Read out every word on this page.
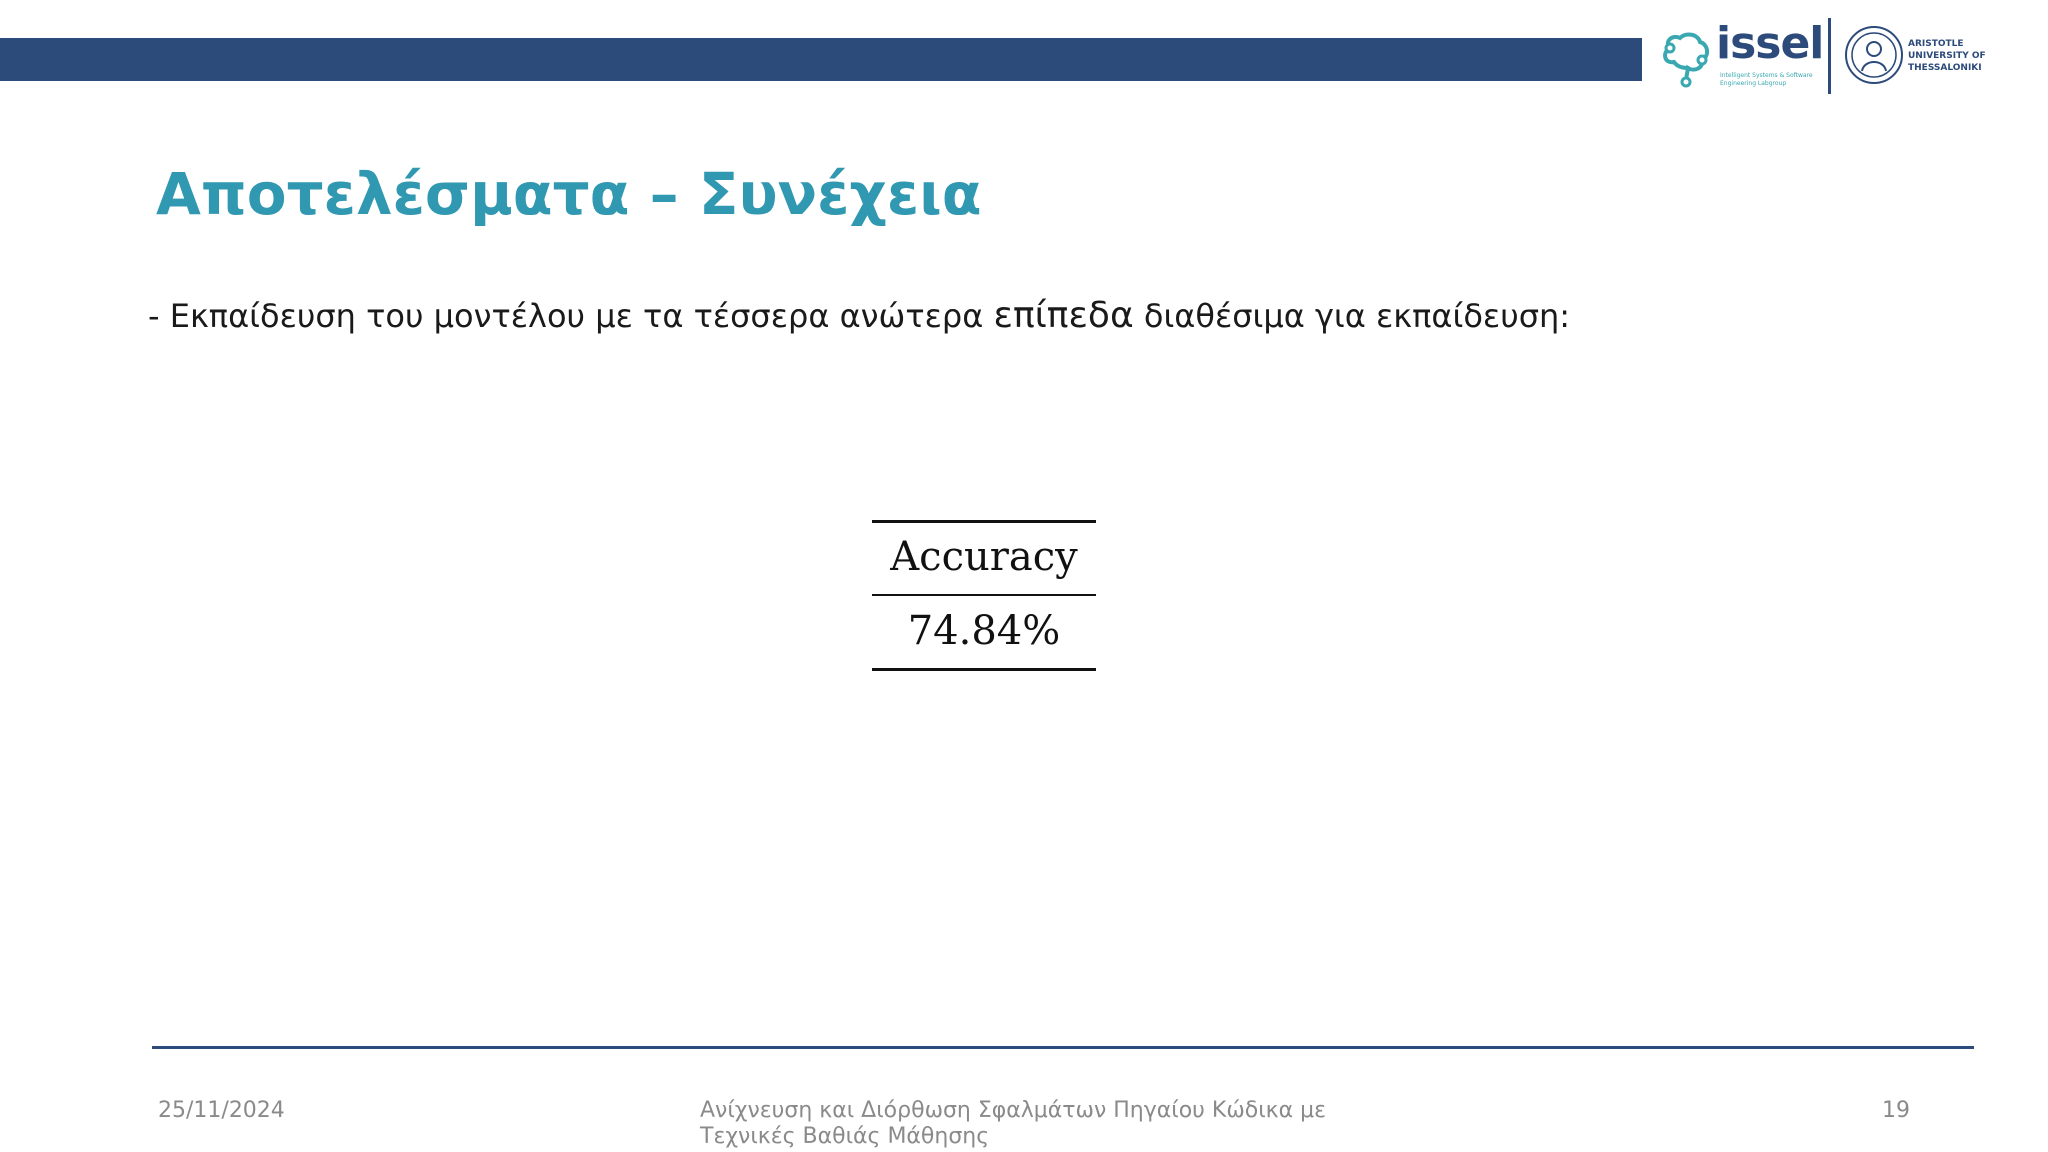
issel
Intelligent Systems & Software Engineering Labgroup
ARISTOTLE UNIVERSITY OF THESSALONIKI
Αποτελέσματα – Συνέχεια
- Εκπαίδευση του μοντέλου με τα τέσσερα ανώτερα επίπεδα διαθέσιμα για εκπαίδευση:
Accuracy
74.84%
25/11/2024	Ανίχνευση και Διόρθωση Σφαλμάτων Πηγαίου Κώδικα με Τεχνικές Βαθιάς Μάθησης
19
